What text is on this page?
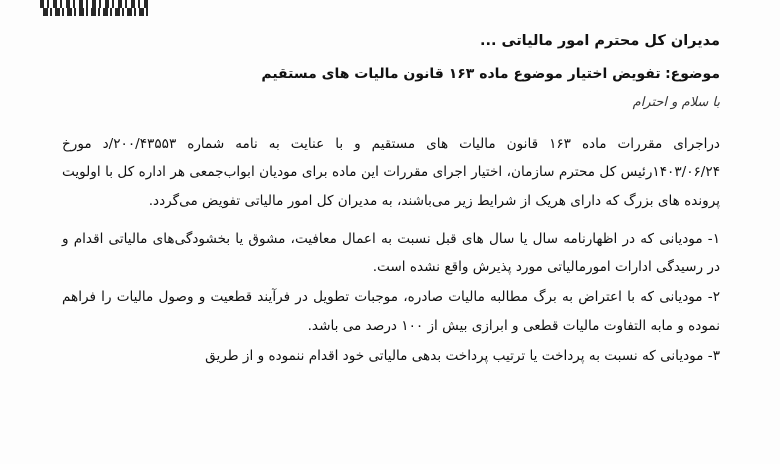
مدیران کل محترم امور مالیاتی ...
موضوع: تفویض اختیار موضوع ماده ۱۶۳ قانون مالیات های مستقیم
با سلام و احترام
دراجرای مقررات ماده ۱۶۳ قانون مالیات های مستقیم و با عنایت به نامه شماره ۲۰۰/۴۳۵۵۳/د مورخ ۱۴۰۳/۰۶/۲۴رئیس کل محترم سازمان، اختیار اجرای مقررات این ماده برای مودیان ابواب‌جمعی هر اداره کل با اولویت پرونده های بزرگ که دارای هریک از شرایط زیر می‌باشند، به مدیران کل امور مالیاتی تفویض می‌گردد.
۱- مودیانی که در اظهارنامه سال یا سال های قبل نسبت به اعمال معافیت، مشوق یا بخشودگی‌های مالیاتی اقدام و در رسیدگی ادارات امورمالیاتی مورد پذیرش واقع نشده است.
۲- مودیانی که با اعتراض به برگ مطالبه مالیات صادره، موجبات تطویل در فرآیند قطعیت و وصول مالیات را فراهم نموده و مابه التفاوت مالیات قطعی و ابرازی بیش از ۱۰۰ درصد می باشد.
۳- مودیانی که نسبت به پرداخت یا ترتیب پرداخت بدهی مالیاتی خود اقدام ننموده و از طریق
